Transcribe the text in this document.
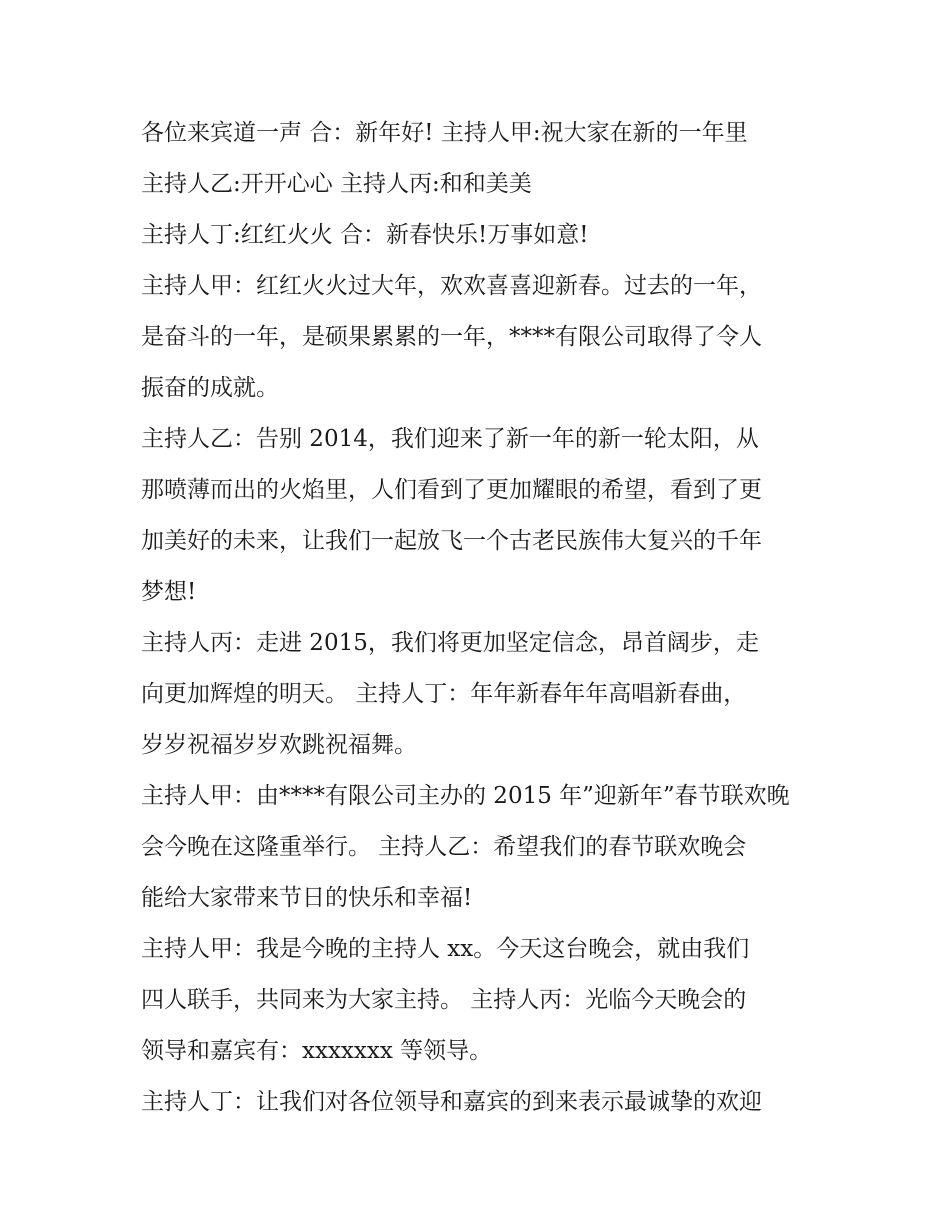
各位来宾道一声 合：新年好! 主持人甲:祝大家在新的一年里
主持人乙:开开心心 主持人丙:和和美美
主持人丁:红红火火 合：新春快乐!万事如意!
主持人甲：红红火火过大年，欢欢喜喜迎新春。过去的一年，
是奋斗的一年，是硕果累累的一年，****有限公司取得了令人
振奋的成就。
主持人乙：告别 2014，我们迎来了新一年的新一轮太阳，从
那喷薄而出的火焰里，人们看到了更加耀眼的希望，看到了更
加美好的未来，让我们一起放飞一个古老民族伟大复兴的千年
梦想!
主持人丙：走进 2015，我们将更加坚定信念，昂首阔步，走
向更加辉煌的明天。 主持人丁：年年新春年年高唱新春曲，
岁岁祝福岁岁欢跳祝福舞。
主持人甲：由****有限公司主办的 2015 年”迎新年”春节联欢晚
会今晚在这隆重举行。 主持人乙：希望我们的春节联欢晚会
能给大家带来节日的快乐和幸福!
主持人甲：我是今晚的主持人 xx。今天这台晚会，就由我们
四人联手，共同来为大家主持。 主持人丙：光临今天晚会的
领导和嘉宾有：xxxxxxx 等领导。
主持人丁：让我们对各位领导和嘉宾的到来表示最诚挚的欢迎
